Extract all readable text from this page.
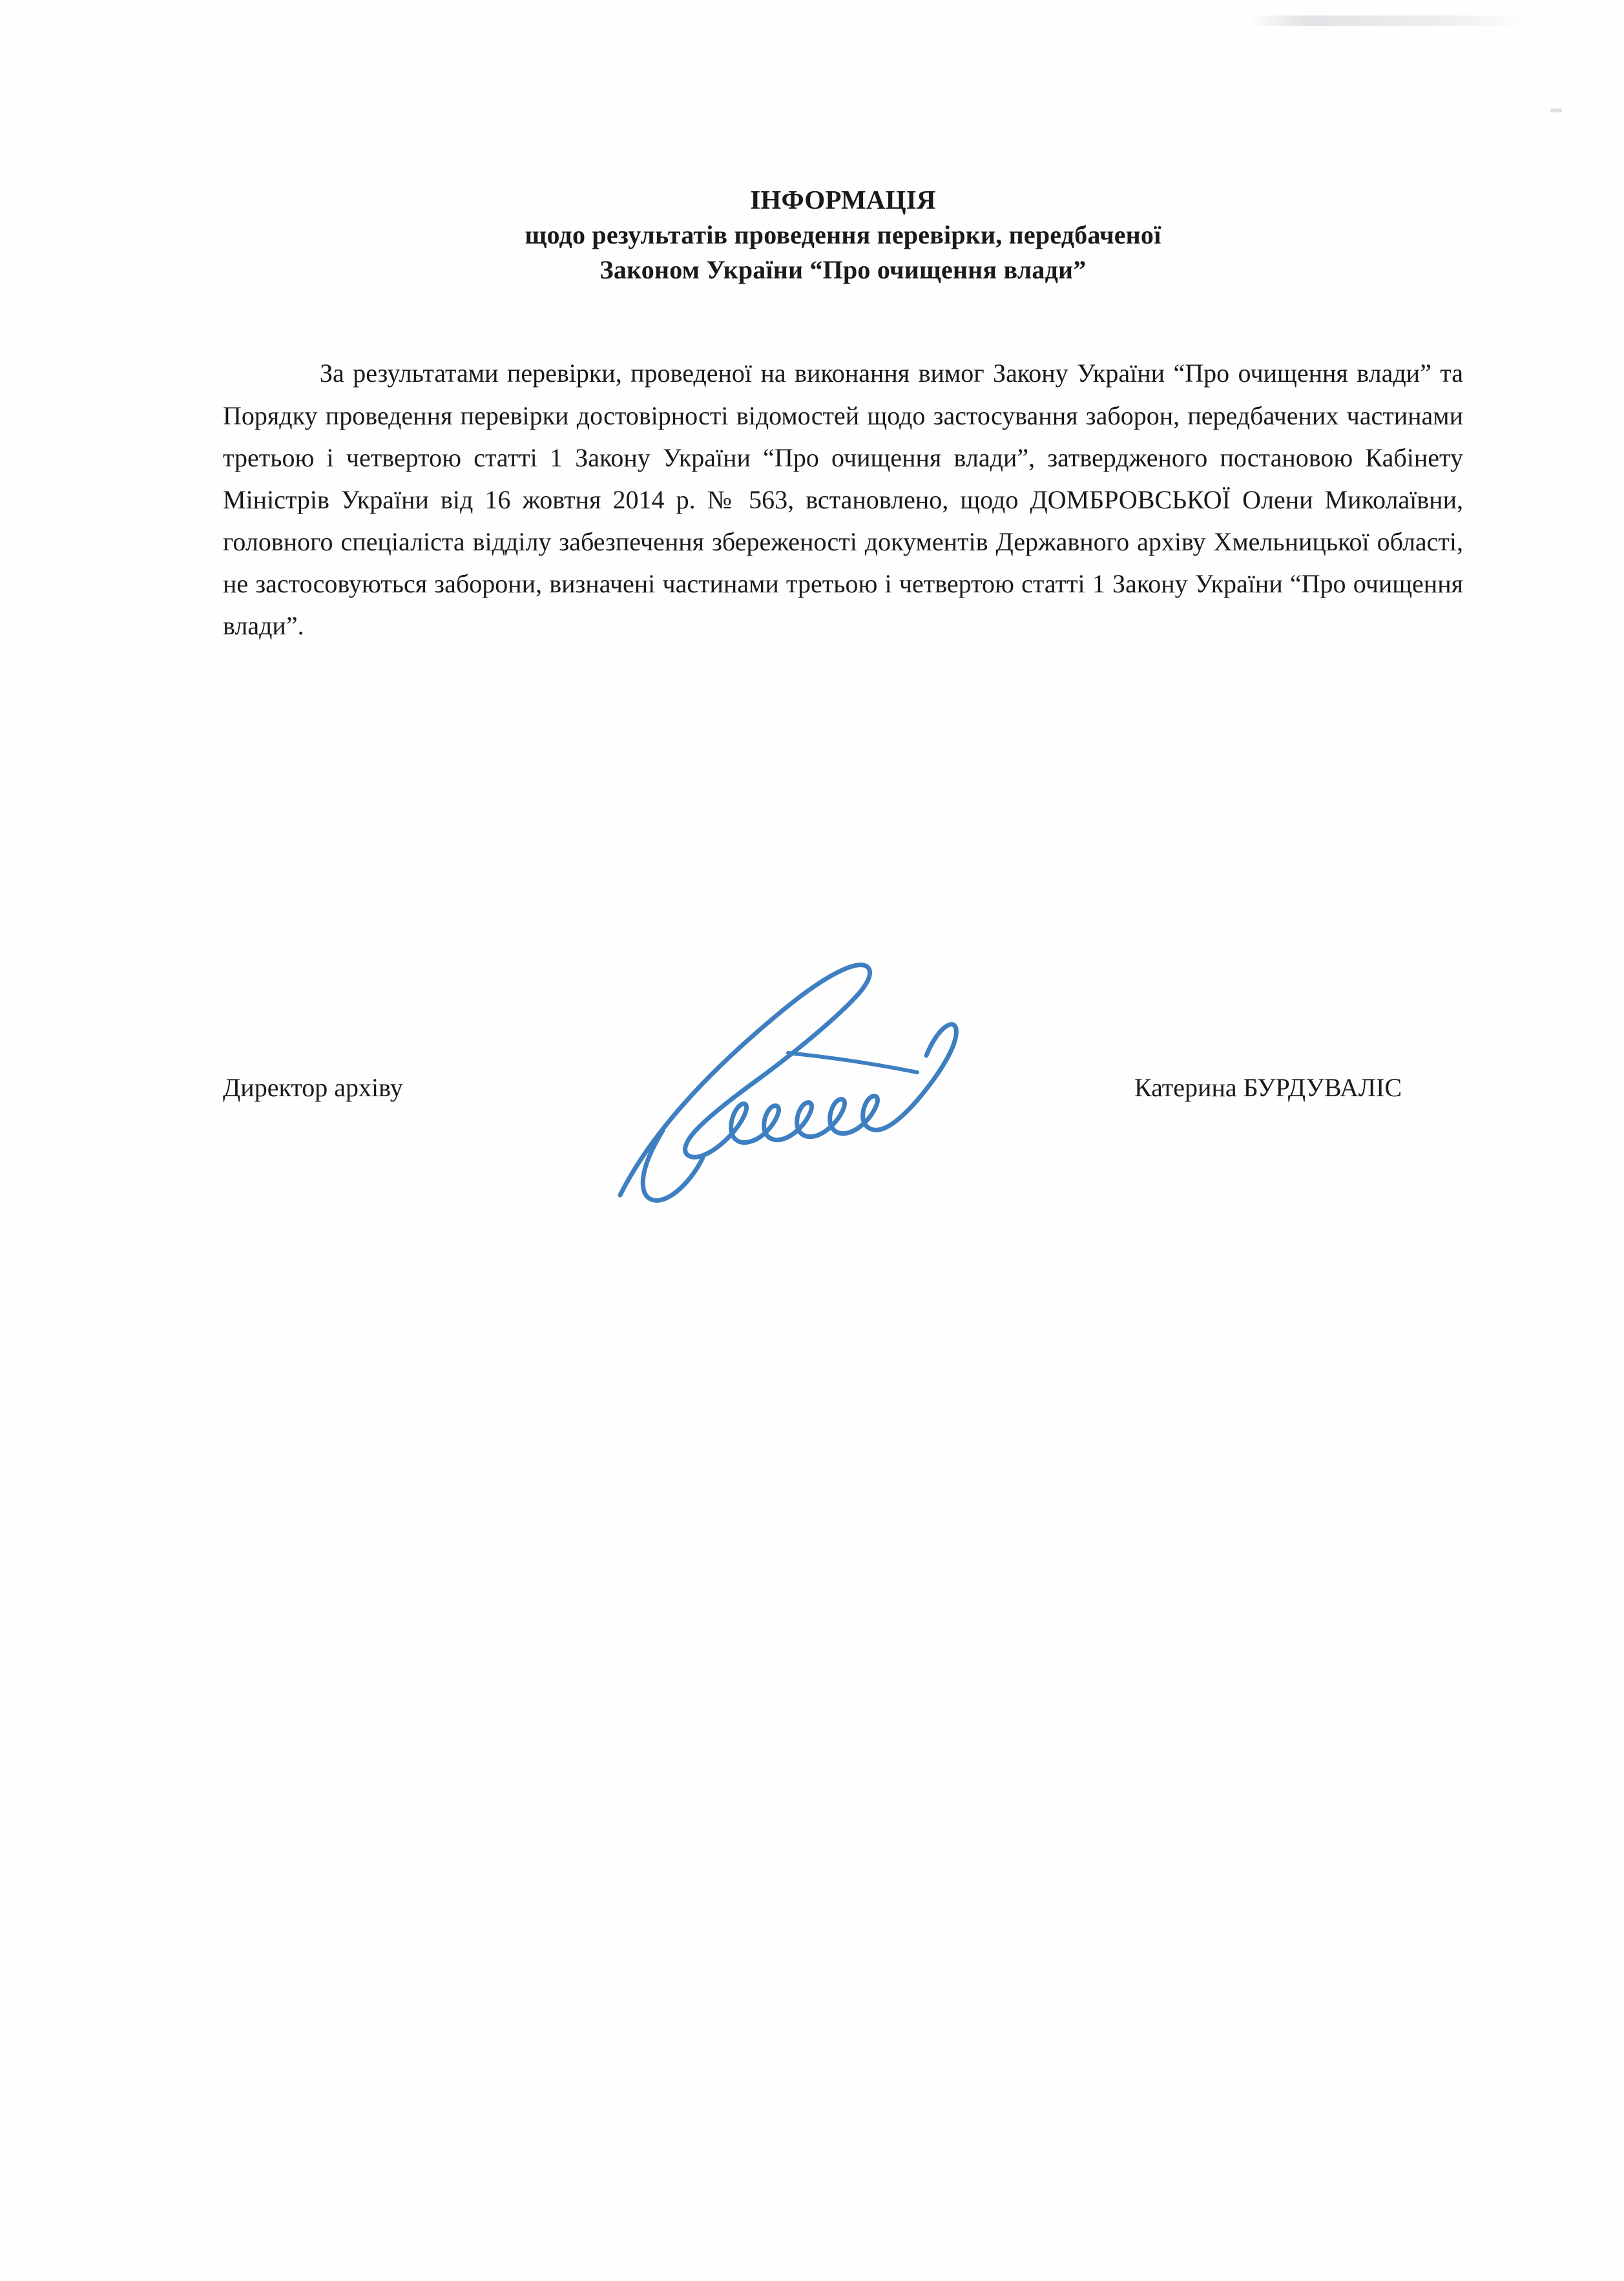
ІНФОРМАЦІЯ
щодо результатів проведення перевірки, передбаченої
Законом України “Про очищення влади”
За результатами перевірки, проведеної на виконання вимог Закону України “Про очищення влади” та Порядку проведення перевірки достовірності відомостей щодо застосування заборон, передбачених частинами третьою і четвертою статті 1 Закону України “Про очищення влади”, затвердженого постановою Кабінету Міністрів України від 16 жовтня 2014 р. № 563, встановлено, щодо ДОМБРОВСЬКОЇ Олени Миколаївни, головного спеціаліста відділу забезпечення збереженості документів Державного архіву Хмельницької області, не застосовуються заборони, визначені частинами третьою і четвертою статті 1 Закону України “Про очищення влади”.
Директор архіву	Катерина БУРДУВАЛІС
